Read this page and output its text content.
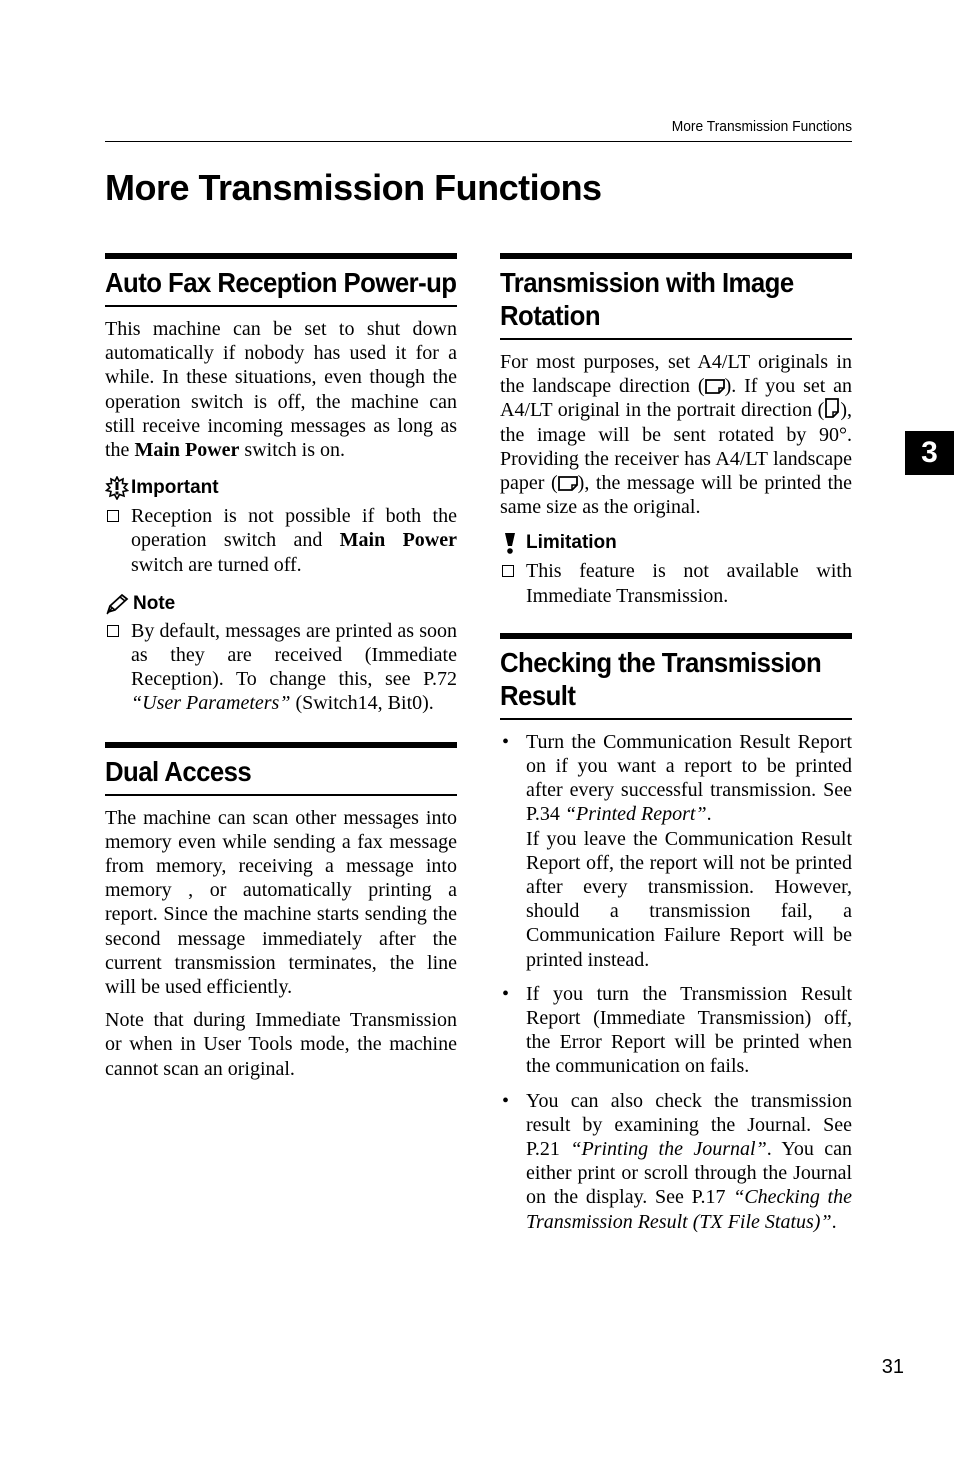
More Transmission Functions
More Transmission Functions
3
Auto Fax Reception Power-up

This machine can be set to shut down automatically if nobody has used it for a while. In these situations, even though the operation switch is off, the machine can still receive incoming messages as long as the Main Power switch is on.

Important
Reception is not possible if both the operation switch and Main Power switch are turned off.
Note
By default, messages are printed as soon as they are received (Immediate Reception). To change this, see P.72 “User Parameters” (Switch14, Bit0).
Dual Access

The machine can scan other messages into memory even while sending a fax message from memory, receiving a message into memory , or automatically printing a report. Since the machine starts sending the second message immediately after the current transmission terminates, the line will be used efficiently.

Note that during Immediate Transmission or when in User Tools mode, the machine cannot scan an original.

Transmission with Image Rotation

For most purposes, set A4/LT originals in the landscape direction ( ). If you set an A4/LT original in the portrait direction ( ), the image will be sent rotated by 90°. Providing the receiver has A4/LT landscape paper ( ), the message will be printed the same size as the original.

Limitation
This feature is not available with Immediate Transmission.
Checking the Transmission Result
• Turn the Communication Result Report on if you want a report to be printed after every successful transmission. See P.34 “Printed Report”.
If you leave the Communication Result Report off, the report will not be printed after every transmission. However, should a transmission fail, a Communication Failure Report will be printed instead.
• If you turn the Transmission Result Report (Immediate Transmission) off, the Error Report will be printed when the communication on fails.
• You can also check the transmission result by examining the Journal. See P.21 “Printing the Journal”. You can either print or scroll through the Journal on the display. See P.17 “Checking the Transmission Result (TX File Status)”.
31
